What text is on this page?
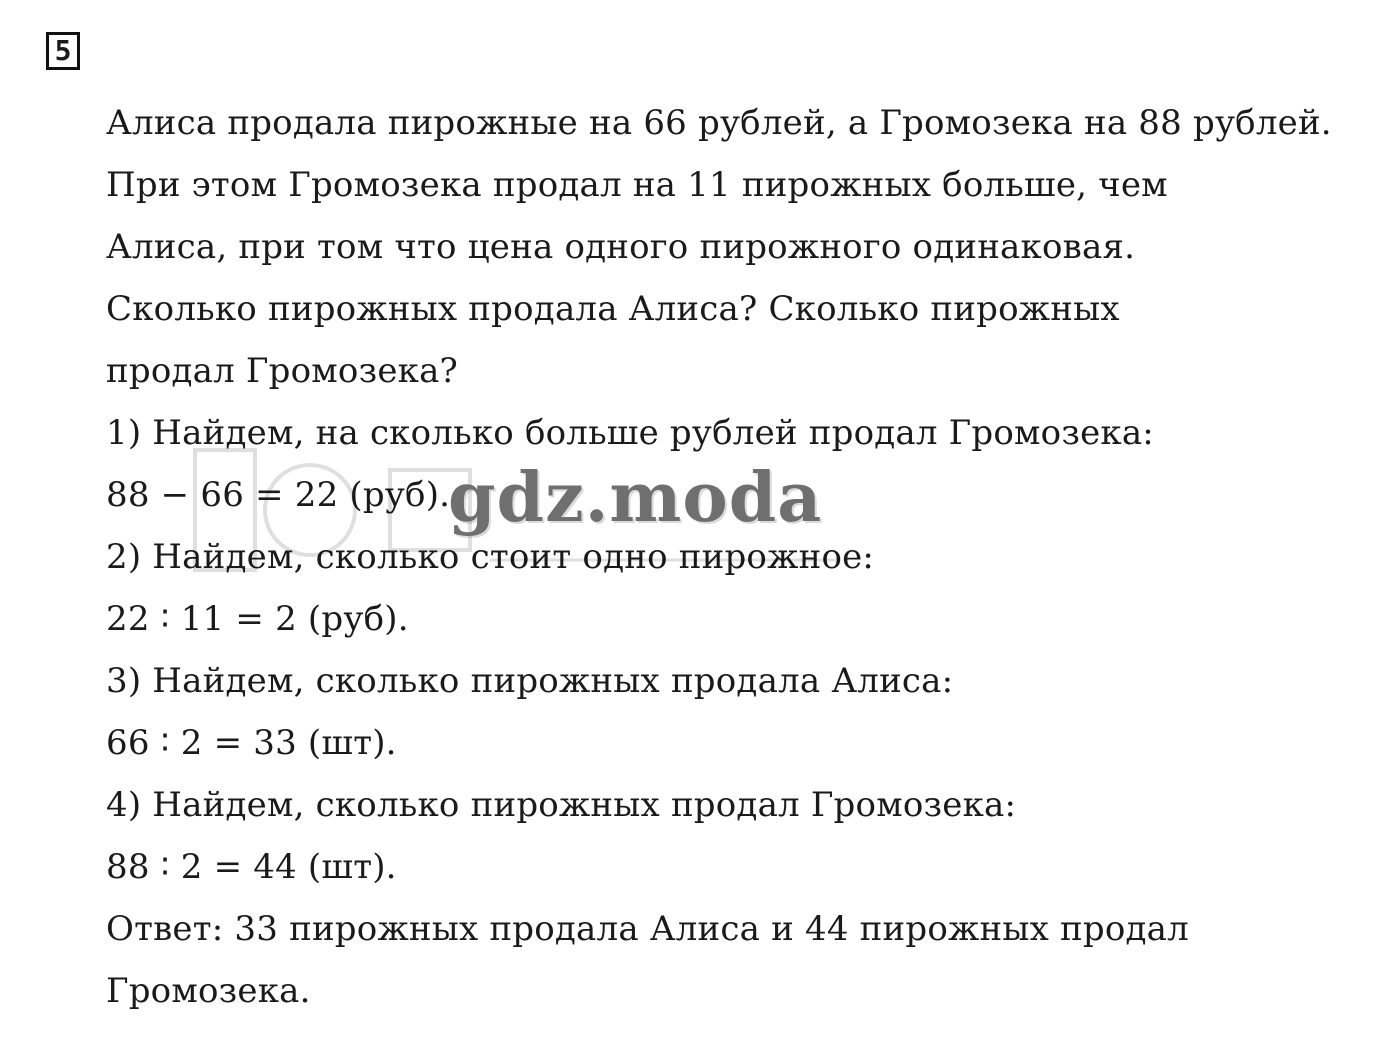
5
Алиса продала пирожные на 66 рублей, а Громозека на 88 рублей.
При этом Громозека продал на 11 пирожных больше, чем
Алиса, при том что цена одного пирожного одинаковая.
Сколько пирожных продала Алиса? Сколько пирожных
продал Громозека?
1) Найдем, на сколько больше рублей продал Громозека:
88 − 66 = 22 (руб).
2) Найдем, сколько стоит одно пирожное:
22 ∶ 11 = 2 (руб).
3) Найдем, сколько пирожных продала Алиса:
66 ∶ 2 = 33 (шт).
4) Найдем, сколько пирожных продал Громозека:
88 ∶ 2 = 44 (шт).
Ответ: 33 пирожных продала Алиса и 44 пирожных продал
Громозека.
gdz.moda
